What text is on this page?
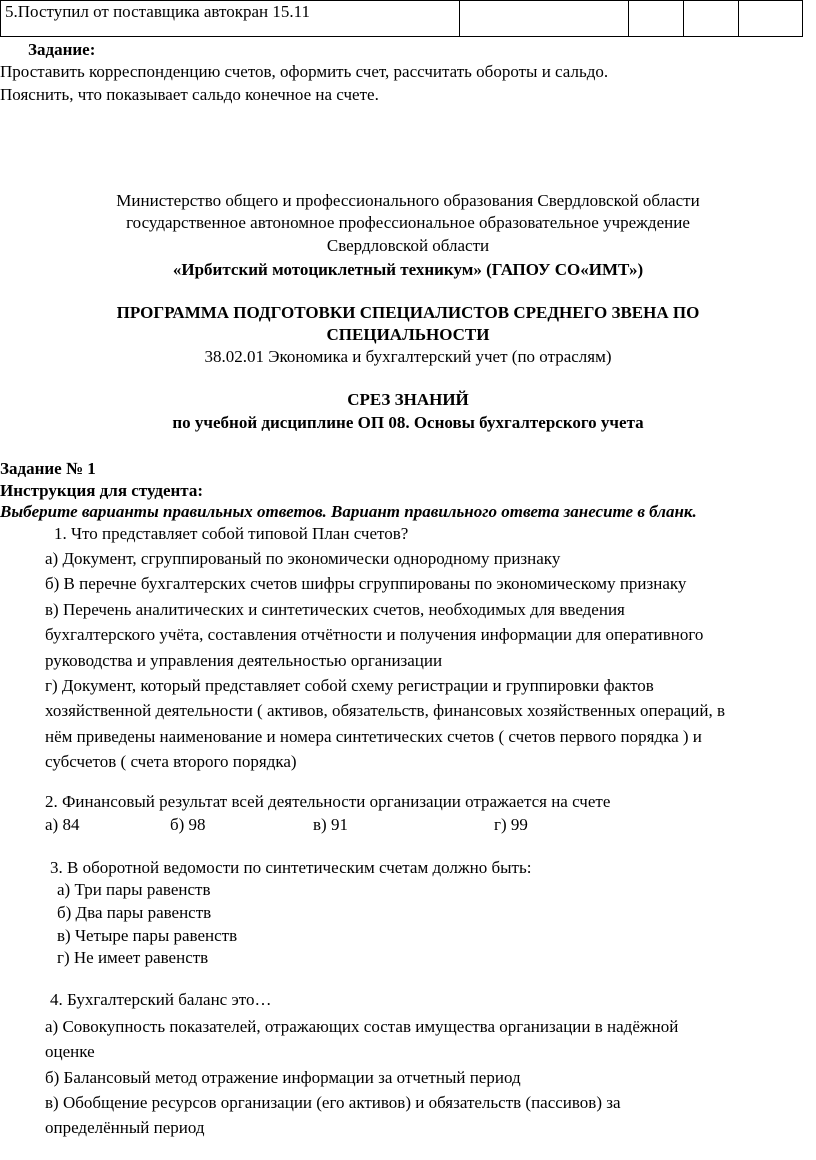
5.Поступил от поставщика автокран 15.11				

Задание:

Проставить корреспонденцию счетов, оформить счет, рассчитать обороты и сальдо.

Пояснить, что показывает сальдо конечное на счете.

Министерство общего и профессионального образования Свердловской области

государственное автономное профессиональное образовательное учреждение

Свердловской области

«Ирбитский мотоциклетный техникум» (ГАПОУ СО«ИМТ»)

ПРОГРАММА ПОДГОТОВКИ СПЕЦИАЛИСТОВ СРЕДНЕГО ЗВЕНА ПО

СПЕЦИАЛЬНОСТИ

38.02.01 Экономика и бухгалтерский учет (по отраслям)

СРЕЗ ЗНАНИЙ

по учебной дисциплине ОП 08. Основы бухгалтерского учета

Задание № 1

Инструкция для студента:

Выберите варианты правильных ответов. Вариант правильного ответа занесите в бланк.

1. Что представляет собой типовой План счетов?

а) Документ, сгруппированый по экономически однородному признаку

б) В перечне бухгалтерских счетов шифры сгруппированы по экономическому признаку

в) Перечень аналитических и синтетических счетов, необходимых для введения

бухгалтерского учёта, составления отчётности и получения информации для оперативного

руководства и управления деятельностью организации

г) Документ, который представляет собой схему регистрации и группировки фактов

хозяйственной деятельности ( активов, обязательств, финансовых хозяйственных операций, в

нём приведены наименование и номера синтетических счетов ( счетов первого порядка ) и

субсчетов ( счета второго порядка)

2. Финансовый результат всей деятельности организации отражается на счете

а) 84	б) 98	в) 91	г) 99

3. В оборотной ведомости по синтетическим счетам должно быть:

а) Три пары равенств

б) Два пары равенств

в) Четыре пары равенств

г) Не имеет равенств

4. Бухгалтерский баланс это…

а) Совокупность показателей, отражающих состав имущества организации в надёжной

оценке

б) Балансовый метод отражение информации за отчетный период

в) Обобщение ресурсов организации (его активов) и обязательств (пассивов) за

определённый период
